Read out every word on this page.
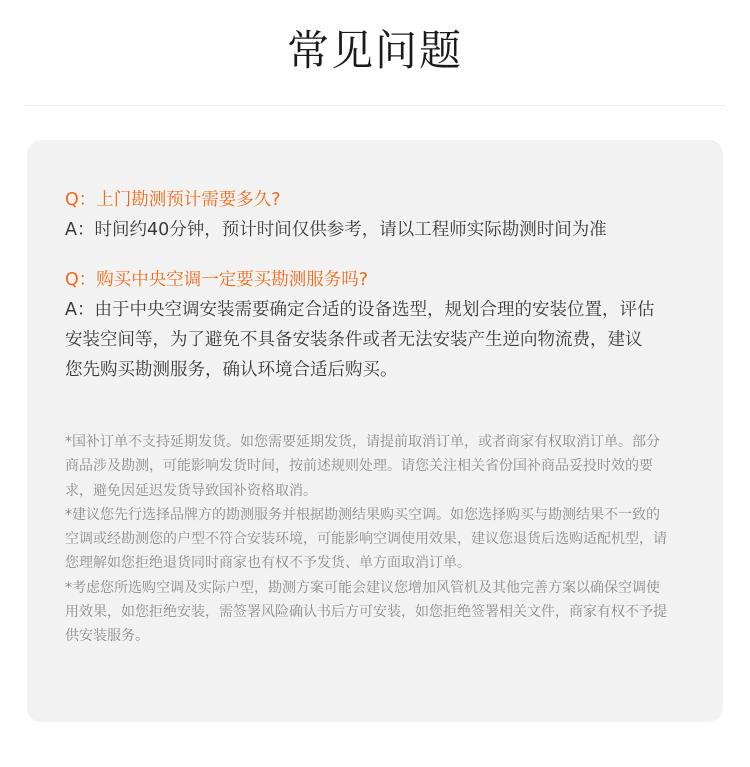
常见问题

Q：上门勘测预计需要多久?

A：时间约40分钟，预计时间仅供参考，请以工程师实际勘测时间为准

Q：购买中央空调一定要买勘测服务吗?

A：由于中央空调安装需要确定合适的设备选型，规划合理的安装位置，评估安装空间等，为了避免不具备安装条件或者无法安装产生逆向物流费，建议您先购买勘测服务，确认环境合适后购买。

*国补订单不支持延期发货。如您需要延期发货，请提前取消订单，或者商家有权取消订单。部分商品涉及勘测，可能影响发货时间，按前述规则处理。请您关注相关省份国补商品妥投时效的要求，避免因延迟发货导致国补资格取消。

*建议您先行选择品牌方的勘测服务并根据勘测结果购买空调。如您选择购买与勘测结果不一致的空调或经勘测您的户型不符合安装环境，可能影响空调使用效果，建议您退货后选购适配机型，请您理解如您拒绝退货同时商家也有权不予发货、单方面取消订单。

*考虑您所选购空调及实际户型，勘测方案可能会建议您增加风管机及其他完善方案以确保空调使用效果，如您拒绝安装，需签署风险确认书后方可安装，如您拒绝签署相关文件，商家有权不予提供安装服务。
